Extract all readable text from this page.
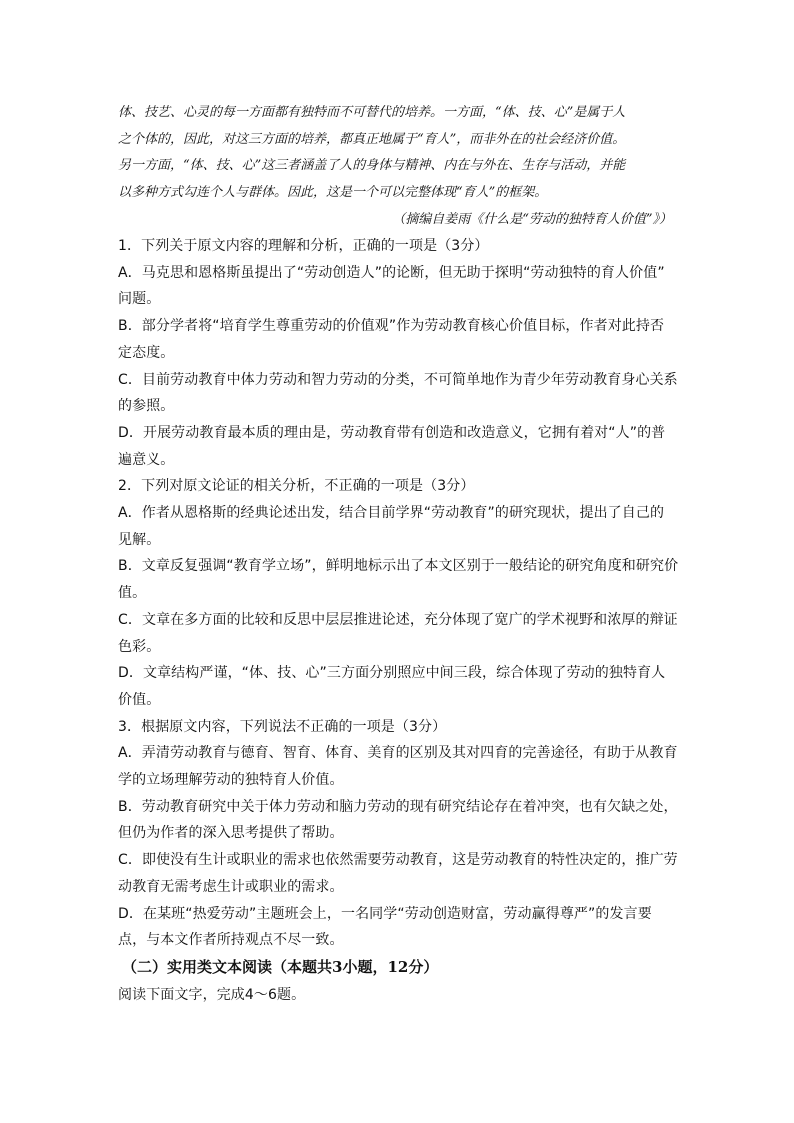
体、技艺、心灵的每一方面都有独特而不可替代的培养。一方面，“体、技、心”是属于人

之个体的，因此，对这三方面的培养，都真正地属于“育人”，而非外在的社会经济价值。

另一方面，“体、技、心”这三者涵盖了人的身体与精神、内在与外在、生存与活动，并能

以多种方式勾连个人与群体。因此，这是一个可以完整体现“育人”的框架。

（摘编自姜雨《什么是“劳动的独特育人价值”》）

1．下列关于原文内容的理解和分析，正确的一项是（3分）

A．马克思和恩格斯虽提出了“劳动创造人”的论断，但无助于探明“劳动独特的育人价值”

问题。

B．部分学者将“培育学生尊重劳动的价值观”作为劳动教育核心价值目标，作者对此持否

定态度。

C．目前劳动教育中体力劳动和智力劳动的分类，不可简单地作为青少年劳动教育身心关系

的参照。

D．开展劳动教育最本质的理由是，劳动教育带有创造和改造意义，它拥有着对“人”的普

遍意义。

2．下列对原文论证的相关分析，不正确的一项是（3分）

A．作者从恩格斯的经典论述出发，结合目前学界“劳动教育”的研究现状，提出了自己的

见解。

B．文章反复强调“教育学立场”，鲜明地标示出了本文区别于一般结论的研究角度和研究价

值。

C．文章在多方面的比较和反思中层层推进论述，充分体现了宽广的学术视野和浓厚的辩证

色彩。

D．文章结构严谨，“体、技、心”三方面分别照应中间三段，综合体现了劳动的独特育人

价值。

3．根据原文内容，下列说法不正确的一项是（3分）

A．弄清劳动教育与德育、智育、体育、美育的区别及其对四育的完善途径，有助于从教育

学的立场理解劳动的独特育人价值。

B．劳动教育研究中关于体力劳动和脑力劳动的现有研究结论存在着冲突，也有欠缺之处，

但仍为作者的深入思考提供了帮助。

C．即使没有生计或职业的需求也依然需要劳动教育，这是劳动教育的特性决定的，推广劳

动教育无需考虑生计或职业的需求。

D．在某班“热爱劳动”主题班会上，一名同学“劳动创造财富，劳动赢得尊严”的发言要

点，与本文作者所持观点不尽一致。

（二）实用类文本阅读（本题共3小题，12分）

阅读下面文字，完成4～6题。
